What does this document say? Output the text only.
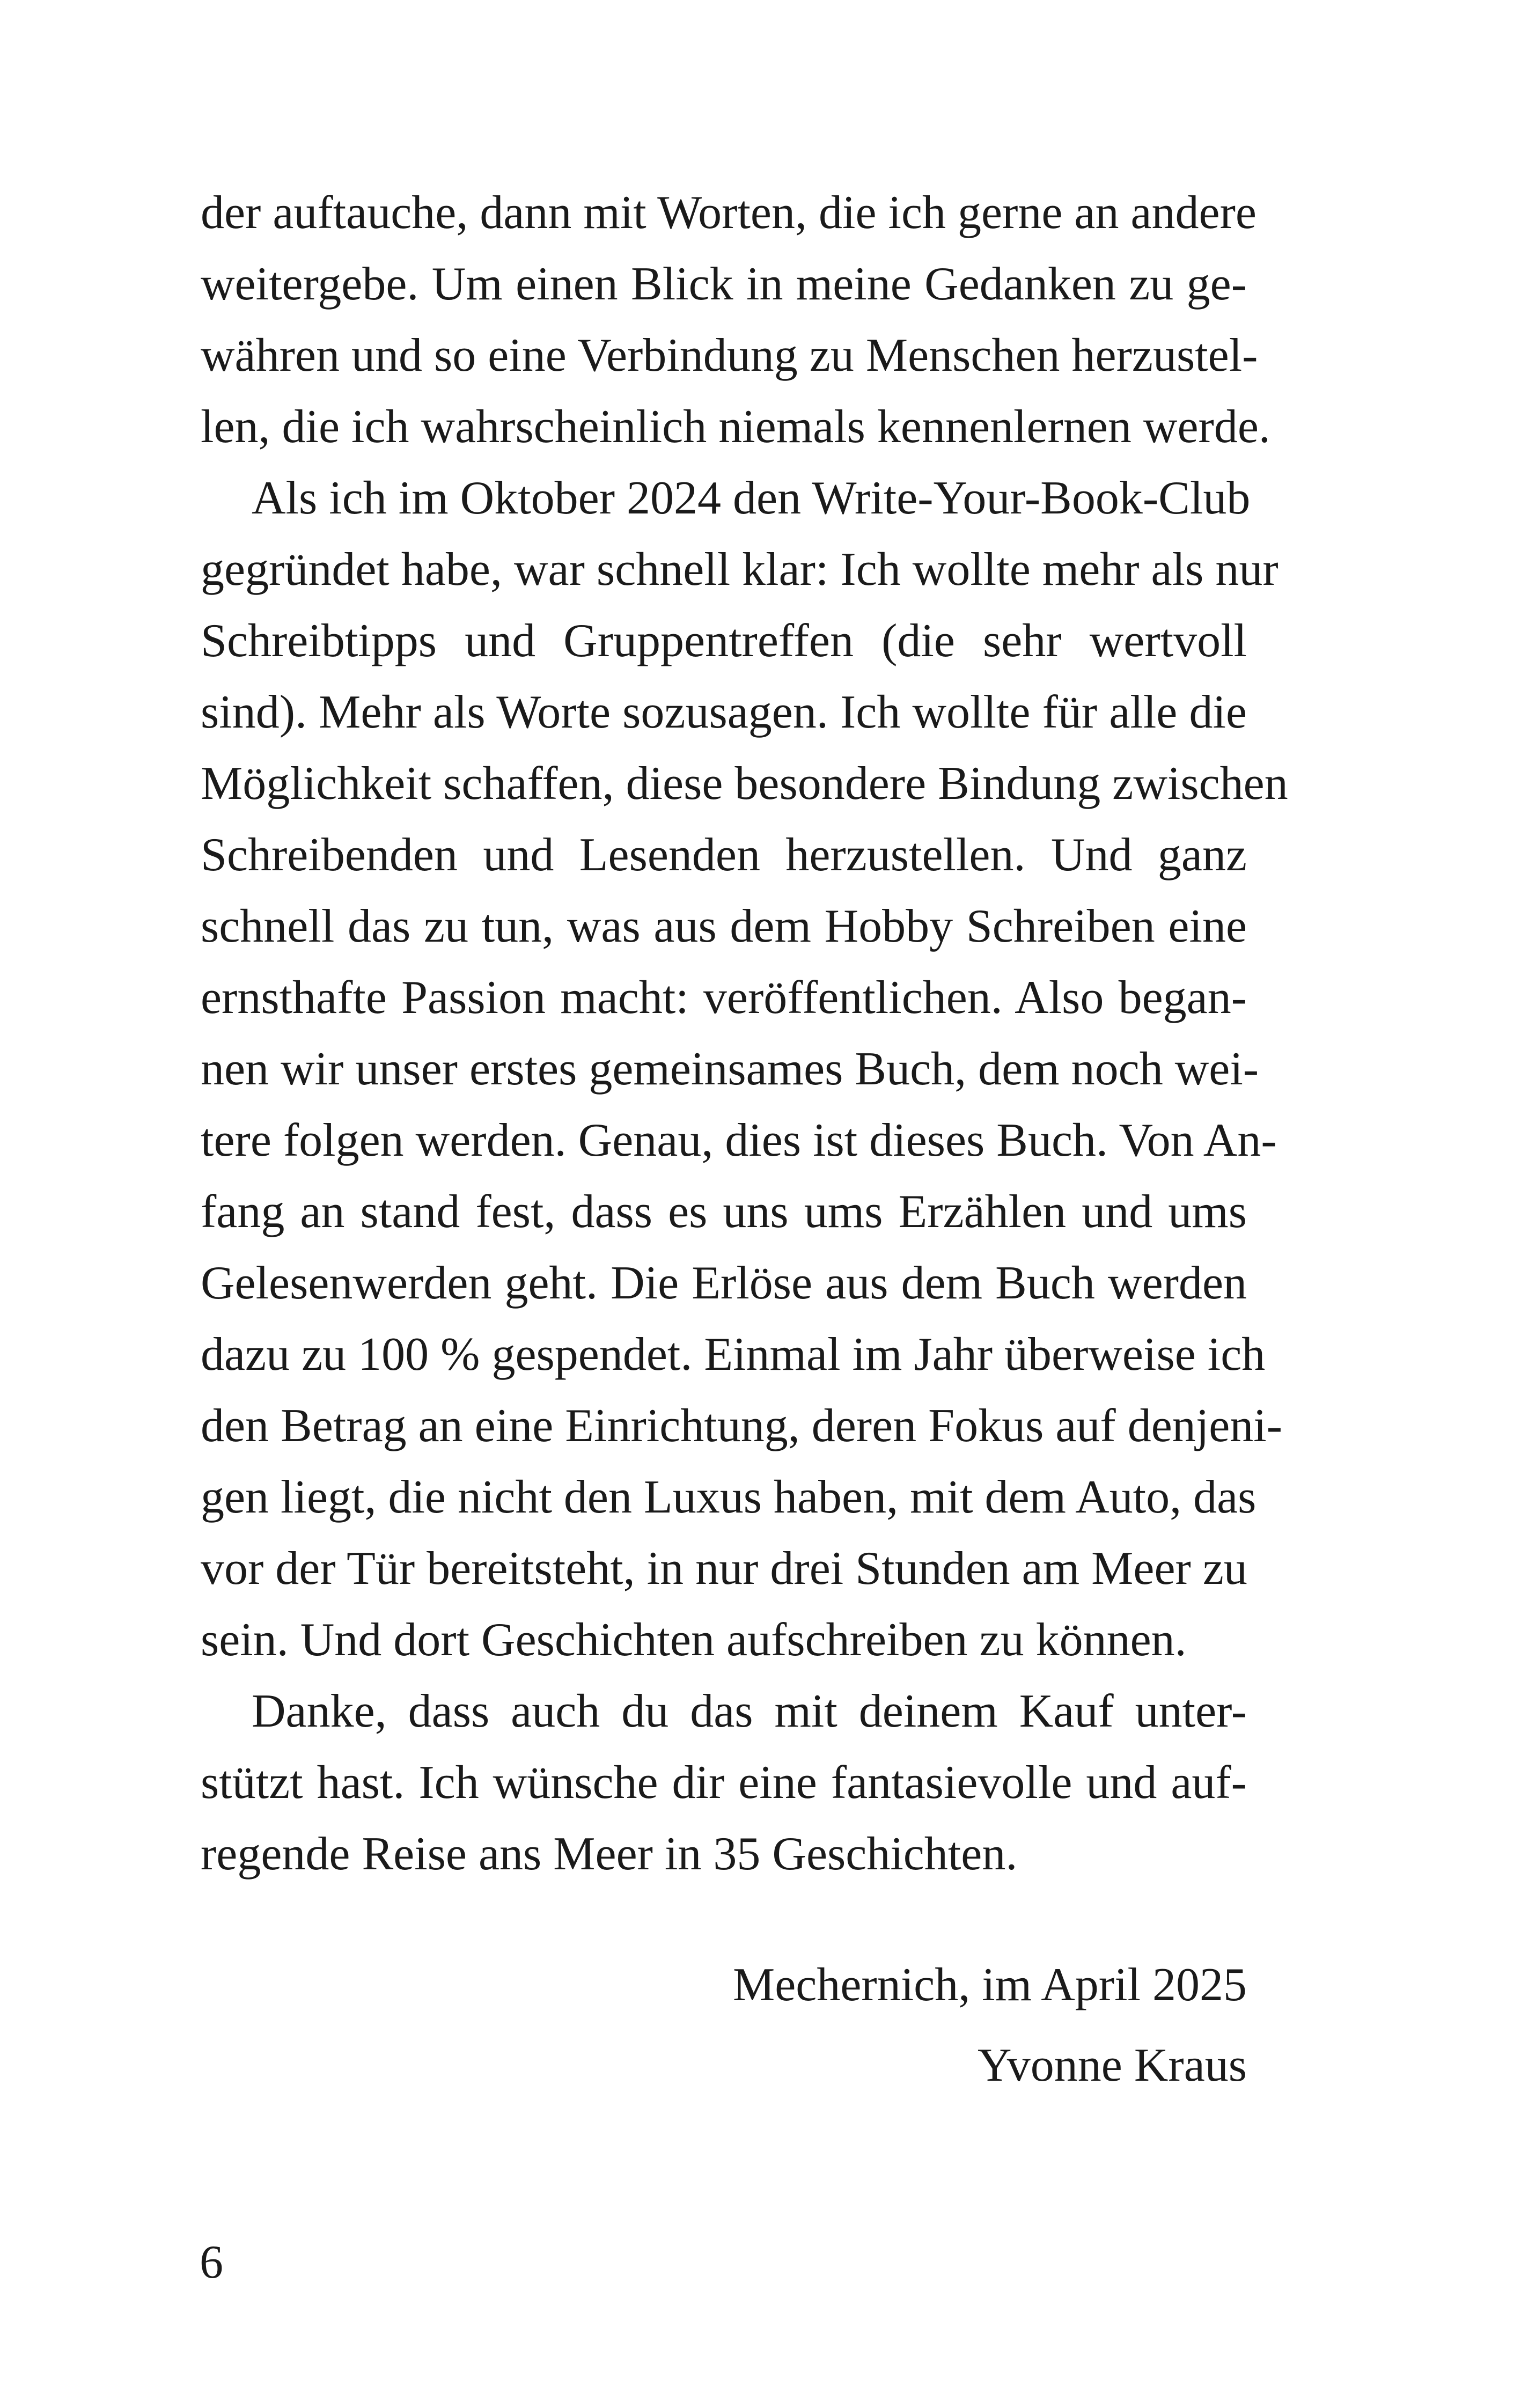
der auftauche, dann mit Worten, die ich gerne an andere
weitergebe. Um einen Blick in meine Gedanken zu ge-
währen und so eine Verbindung zu Menschen herzustel-
len, die ich wahrscheinlich niemals kennenlernen werde.
Als ich im Oktober 2024 den Write-Your-Book-Club
gegründet habe, war schnell klar: Ich wollte mehr als nur
Schreibtipps und Gruppentreffen (die sehr wertvoll
sind). Mehr als Worte sozusagen. Ich wollte für alle die
Möglichkeit schaffen, diese besondere Bindung zwischen
Schreibenden und Lesenden herzustellen. Und ganz
schnell das zu tun, was aus dem Hobby Schreiben eine
ernsthafte Passion macht: veröffentlichen. Also began-
nen wir unser erstes gemeinsames Buch, dem noch wei-
tere folgen werden. Genau, dies ist dieses Buch. Von An-
fang an stand fest, dass es uns ums Erzählen und ums
Gelesenwerden geht. Die Erlöse aus dem Buch werden
dazu zu 100 % gespendet. Einmal im Jahr überweise ich
den Betrag an eine Einrichtung, deren Fokus auf denjeni-
gen liegt, die nicht den Luxus haben, mit dem Auto, das
vor der Tür bereitsteht, in nur drei Stunden am Meer zu
sein. Und dort Geschichten aufschreiben zu können.
Danke, dass auch du das mit deinem Kauf unter-
stützt hast. Ich wünsche dir eine fantasievolle und auf-
regende Reise ans Meer in 35 Geschichten.
Mechernich, im April 2025
Yvonne Kraus
6
